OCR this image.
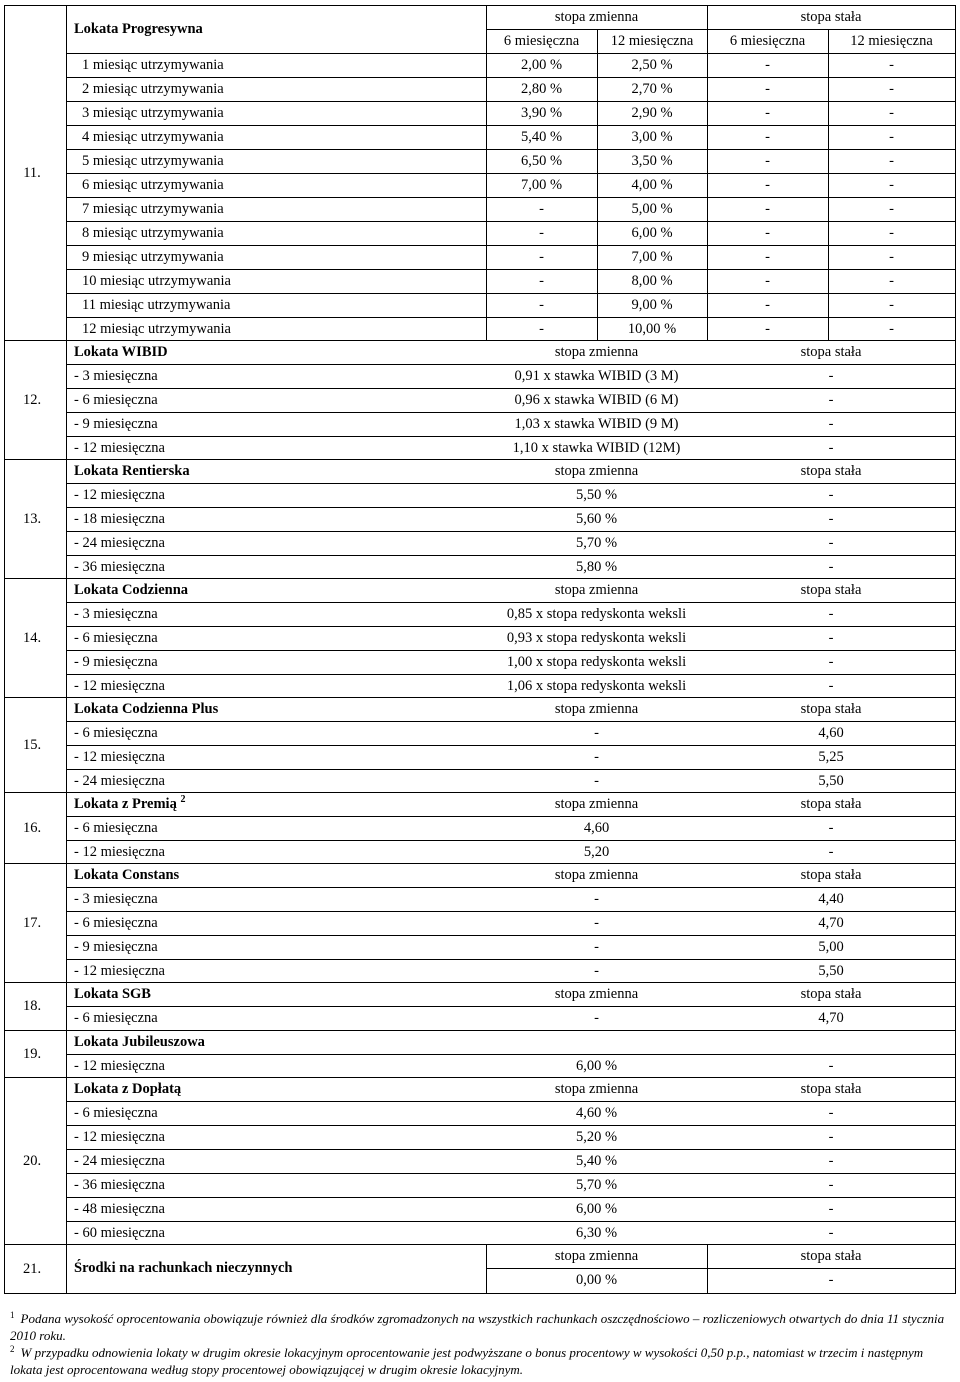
11.
Lokata Progresywna
stopa zmienna	stopa stała
6 miesięczna	12 miesięczna	6 miesięczna	12 miesięczna
1 miesiąc utrzymywania	2,00 %	2,50 %	-	-
2 miesiąc utrzymywania	2,80 %	2,70 %	-	-
3 miesiąc utrzymywania	3,90 %	2,90 %	-	-
4 miesiąc utrzymywania	5,40 %	3,00 %	-	-
5 miesiąc utrzymywania	6,50 %	3,50 %	-	-
6 miesiąc utrzymywania	7,00 %	4,00 %	-	-
7 miesiąc utrzymywania	-	5,00 %	-	-
8 miesiąc utrzymywania	-	6,00 %	-	-
9 miesiąc utrzymywania	-	7,00 %	-	-
10 miesiąc utrzymywania	-	8,00 %	-	-
11 miesiąc utrzymywania	-	9,00 %	-	-
12 miesiąc utrzymywania	-	10,00 %	-	-
12.
Lokata WIBID	stopa zmienna	stopa stała
- 3 miesięczna	0,91 x stawka WIBID (3 M)	-
- 6 miesięczna	0,96 x stawka WIBID (6 M)	-
- 9 miesięczna	1,03 x stawka WIBID (9 M)	-
- 12 miesięczna	1,10 x stawka WIBID (12M)	-
13.
Lokata Rentierska	stopa zmienna	stopa stała
- 12 miesięczna	5,50 %	-
- 18 miesięczna	5,60 %	-
- 24 miesięczna	5,70 %	-
- 36 miesięczna	5,80 %	-
14.
Lokata Codzienna	stopa zmienna	stopa stała
- 3 miesięczna	0,85 x stopa redyskonta weksli	-
- 6 miesięczna	0,93 x stopa redyskonta weksli	-
- 9 miesięczna	1,00 x stopa redyskonta weksli	-
- 12 miesięczna	1,06 x stopa redyskonta weksli	-
15.
Lokata Codzienna Plus	stopa zmienna	stopa stała
- 6 miesięczna	-	4,60
- 12 miesięczna	-	5,25
- 24 miesięczna	-	5,50
16.
Lokata z Premią $^2$	stopa zmienna	stopa stała
- 6 miesięczna	4,60	-
- 12 miesięczna	5,20	-
17.
Lokata Constans	stopa zmienna	stopa stała
- 3 miesięczna	-	4,40
- 6 miesięczna	-	4,70
- 9 miesięczna	-	5,00
- 12 miesięczna	-	5,50
18.
Lokata SGB	stopa zmienna	stopa stała
- 6 miesięczna	-	4,70
19.
Lokata Jubileuszowa
- 12 miesięczna	6,00 %	-
20.
Lokata z Dopłatą	stopa zmienna	stopa stała
- 6 miesięczna	4,60 %	-
- 12 miesięczna	5,20 %	-
- 24 miesięczna	5,40 %	-
- 36 miesięczna	5,70 %	-
- 48 miesięczna	6,00 %	-
- 60 miesięczna	6,30 %	-
21.	Środki na rachunkach nieczynnych
stopa zmienna	stopa stała
0,00 %	-

$^1$ Podana wysokość oprocentowania obowiązuje również dla środków zgromadzonych na wszystkich rachunkach oszczędnościowo – rozliczeniowych otwartych do dnia 11 stycznia 2010 roku.

$^2$ W przypadku odnowienia lokaty w drugim okresie lokacyjnym oprocentowanie jest podwyższane o bonus procentowy w wysokości 0,50 p.p., natomiast w trzecim i następnym lokata jest oprocentowana według stopy procentowej obowiązującej w drugim okresie lokacyjnym.
